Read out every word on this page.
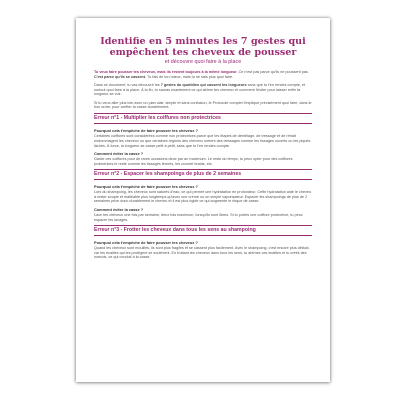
Identifie en 5 minutes les 7 gestes qui empêchent tes cheveux de pousser
et découvre quoi faire à la place

Tu veux faire pousser tes cheveux, mais ils restent toujours à la même longueur. Ce n'est pas parce qu'ils ne poussent pas. C'est parce qu'ils se cassent. Tu fais de ton mieux, mais tu ne sais plus quoi faire.

Dans ce document, tu vas découvrir les 7 gestes du quotidien qui cassent tes longueurs sans que tu t'en rendes compte, et surtout quoi faire à la place. À la fin, tu sauras exactement ce qui abîme tes cheveux et comment l'éviter pour laisser enfin ta longueur se voir.

Si tu veux aller plus loin avec un plan clair, simple et sans confusion, le Protocole complet t'explique précisément quoi faire, dans le bon ordre, pour arrêter la casse durablement.

Erreur n°1 - Multiplier les coiffures non protectrices
Pourquoi cela t'empêche de faire pousser tes cheveux ?

Certaines coiffures sont considérées comme non protectrices parce que les étapes de démêlage, de tressage et de retrait endommagent les cheveux ou que certaines régions des cheveux sortent des tressages comme les tissages ouverts ou les piqués lâchés. À force, la longueur se casse petit à petit, sans que tu t'en rendes compte.

Comment éviter la casse ?

Garde ces coiffures pour de rares occasions deux par an maximum. Le reste du temps, tu peux opter pour des coiffures protectrices le reste comme les tissages fermés, les crochet braids, etc.

Erreur n°2 - Espacer les shampoings de plus de 2 semaines
Pourquoi cela t'empêche de faire pousser tes cheveux ?

Lors du shampoing, les cheveux sont saturés d'eau, ce qui permet une hydratation en profondeur. Cette hydratation aide le cheveu à rester souple et malléable plus longtemps qu'avec une crème ou un simple vaporisateur. Espacer les shampoings de plus de 2 semaines prive donc durablement le cheveu et il est plus rigide ce qui augmente le risque de casse.

Comment éviter la casse ?

Lave tes cheveux une fois par semaine, deux fois maximum, lorsqu'ils sont libres. Si tu portes une coiffure protectrice, tu peux espacer les lavages.

Erreur n°3 - Frotter les cheveux dans tous les sens au shampoing
Pourquoi cela t'empêche de faire pousser tes cheveux ?

Quand les cheveux sont mouillés, ils sont plus fragiles et se cassent plus facilement. Avec le shampoing, c'est encore plus délicat, car les écailles qui les protègent se soulèvent. En frottant tes cheveux dans tous les sens, tu abîmes ces écailles et tu créés des noeuds, ce qui conduit à la casse.
